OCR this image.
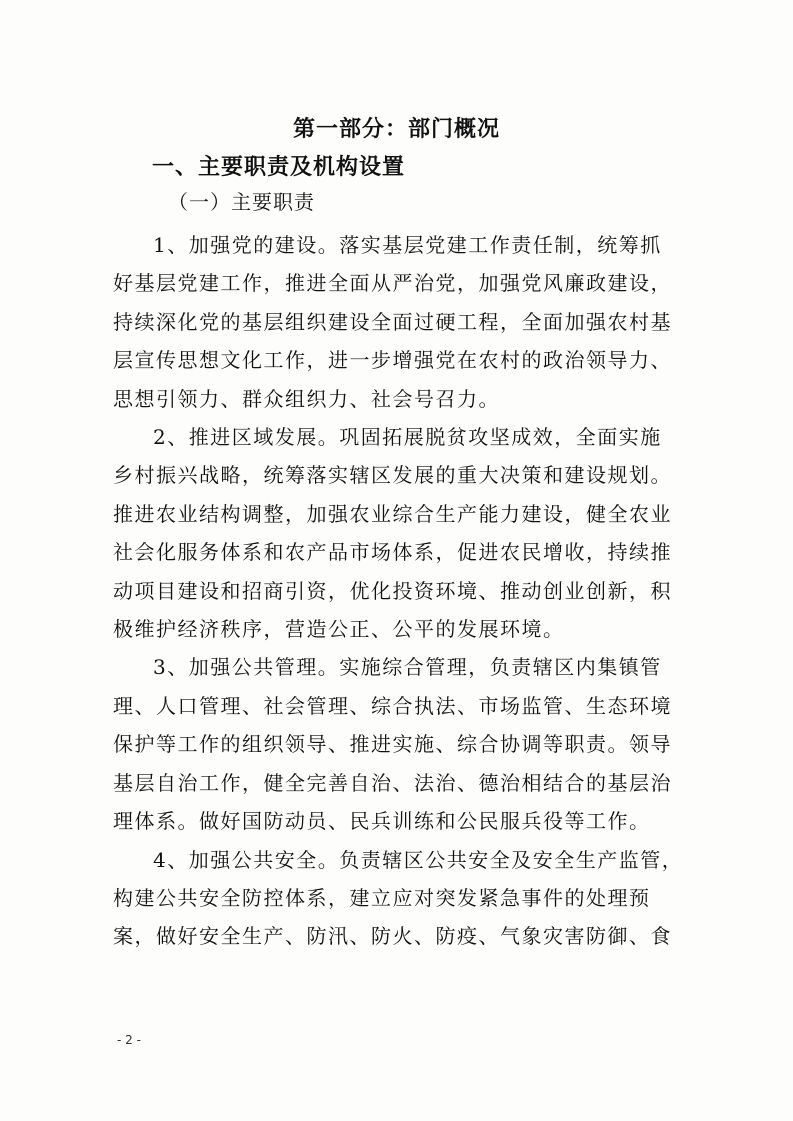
第一部分：部门概况
一、主要职责及机构设置
（一）主要职责

1、加强党的建设。落实基层党建工作责任制，统筹抓
好基层党建工作，推进全面从严治党，加强党风廉政建设，
持续深化党的基层组织建设全面过硬工程，全面加强农村基
层宣传思想文化工作，进一步增强党在农村的政治领导力、
思想引领力、群众组织力、社会号召力。

2、推进区域发展。巩固拓展脱贫攻坚成效，全面实施
乡村振兴战略，统筹落实辖区发展的重大决策和建设规划。
推进农业结构调整，加强农业综合生产能力建设，健全农业
社会化服务体系和农产品市场体系，促进农民增收，持续推
动项目建设和招商引资，优化投资环境、推动创业创新，积
极维护经济秩序，营造公正、公平的发展环境。

3、加强公共管理。实施综合管理，负责辖区内集镇管
理、人口管理、社会管理、综合执法、市场监管、生态环境
保护等工作的组织领导、推进实施、综合协调等职责。领导
基层自治工作，健全完善自治、法治、德治相结合的基层治
理体系。做好国防动员、民兵训练和公民服兵役等工作。

4、加强公共安全。负责辖区公共安全及安全生产监管，
构建公共安全防控体系，建立应对突发紧急事件的处理预
案，做好安全生产、防汛、防火、防疫、气象灾害防御、食

- 2 -
